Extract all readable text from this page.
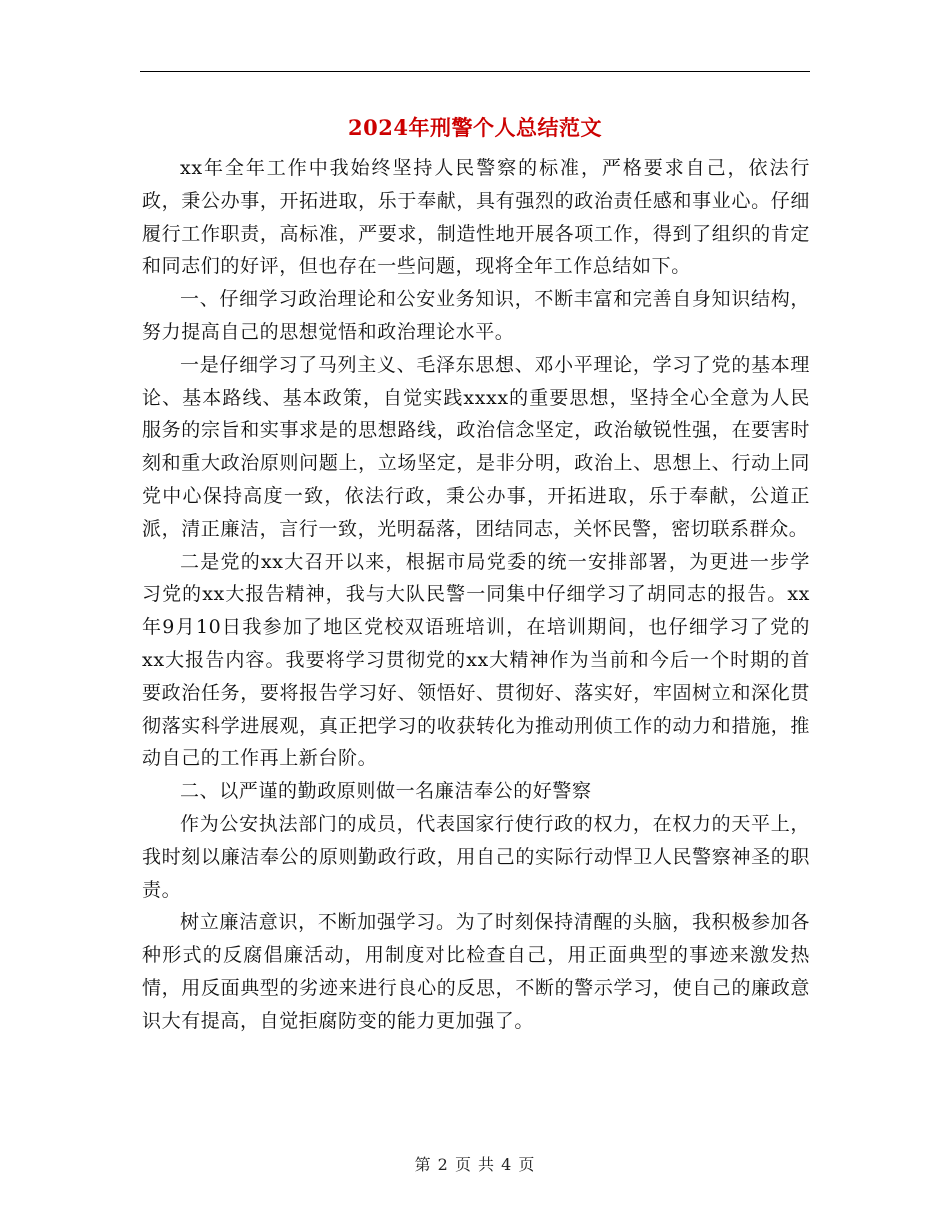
2024年刑警个人总结范文

xx年全年工作中我始终坚持人民警察的标准，严格要求自己，依法行政，秉公办事，开拓进取，乐于奉献，具有强烈的政治责任感和事业心。仔细履行工作职责，高标准，严要求，制造性地开展各项工作，得到了组织的肯定和同志们的好评，但也存在一些问题，现将全年工作总结如下。

一、仔细学习政治理论和公安业务知识，不断丰富和完善自身知识结构，努力提高自己的思想觉悟和政治理论水平。

一是仔细学习了马列主义、毛泽东思想、邓小平理论，学习了党的基本理论、基本路线、基本政策，自觉实践xxxx的重要思想，坚持全心全意为人民服务的宗旨和实事求是的思想路线，政治信念坚定，政治敏锐性强，在要害时刻和重大政治原则问题上，立场坚定，是非分明，政治上、思想上、行动上同党中心保持高度一致，依法行政，秉公办事，开拓进取，乐于奉献，公道正派，清正廉洁，言行一致，光明磊落，团结同志，关怀民警，密切联系群众。

二是党的xx大召开以来，根据市局党委的统一安排部署，为更进一步学习党的xx大报告精神，我与大队民警一同集中仔细学习了胡同志的报告。xx年9月10日我参加了地区党校双语班培训，在培训期间，也仔细学习了党的xx大报告内容。我要将学习贯彻党的xx大精神作为当前和今后一个时期的首要政治任务，要将报告学习好、领悟好、贯彻好、落实好，牢固树立和深化贯彻落实科学进展观，真正把学习的收获转化为推动刑侦工作的动力和措施，推动自己的工作再上新台阶。

二、以严谨的勤政原则做一名廉洁奉公的好警察

作为公安执法部门的成员，代表国家行使行政的权力，在权力的天平上，我时刻以廉洁奉公的原则勤政行政，用自己的实际行动悍卫人民警察神圣的职责。

树立廉洁意识，不断加强学习。为了时刻保持清醒的头脑，我积极参加各种形式的反腐倡廉活动，用制度对比检查自己，用正面典型的事迹来激发热情，用反面典型的劣迹来进行良心的反思，不断的警示学习，使自己的廉政意识大有提高，自觉拒腐防变的能力更加强了。

第 2 页 共 4 页
